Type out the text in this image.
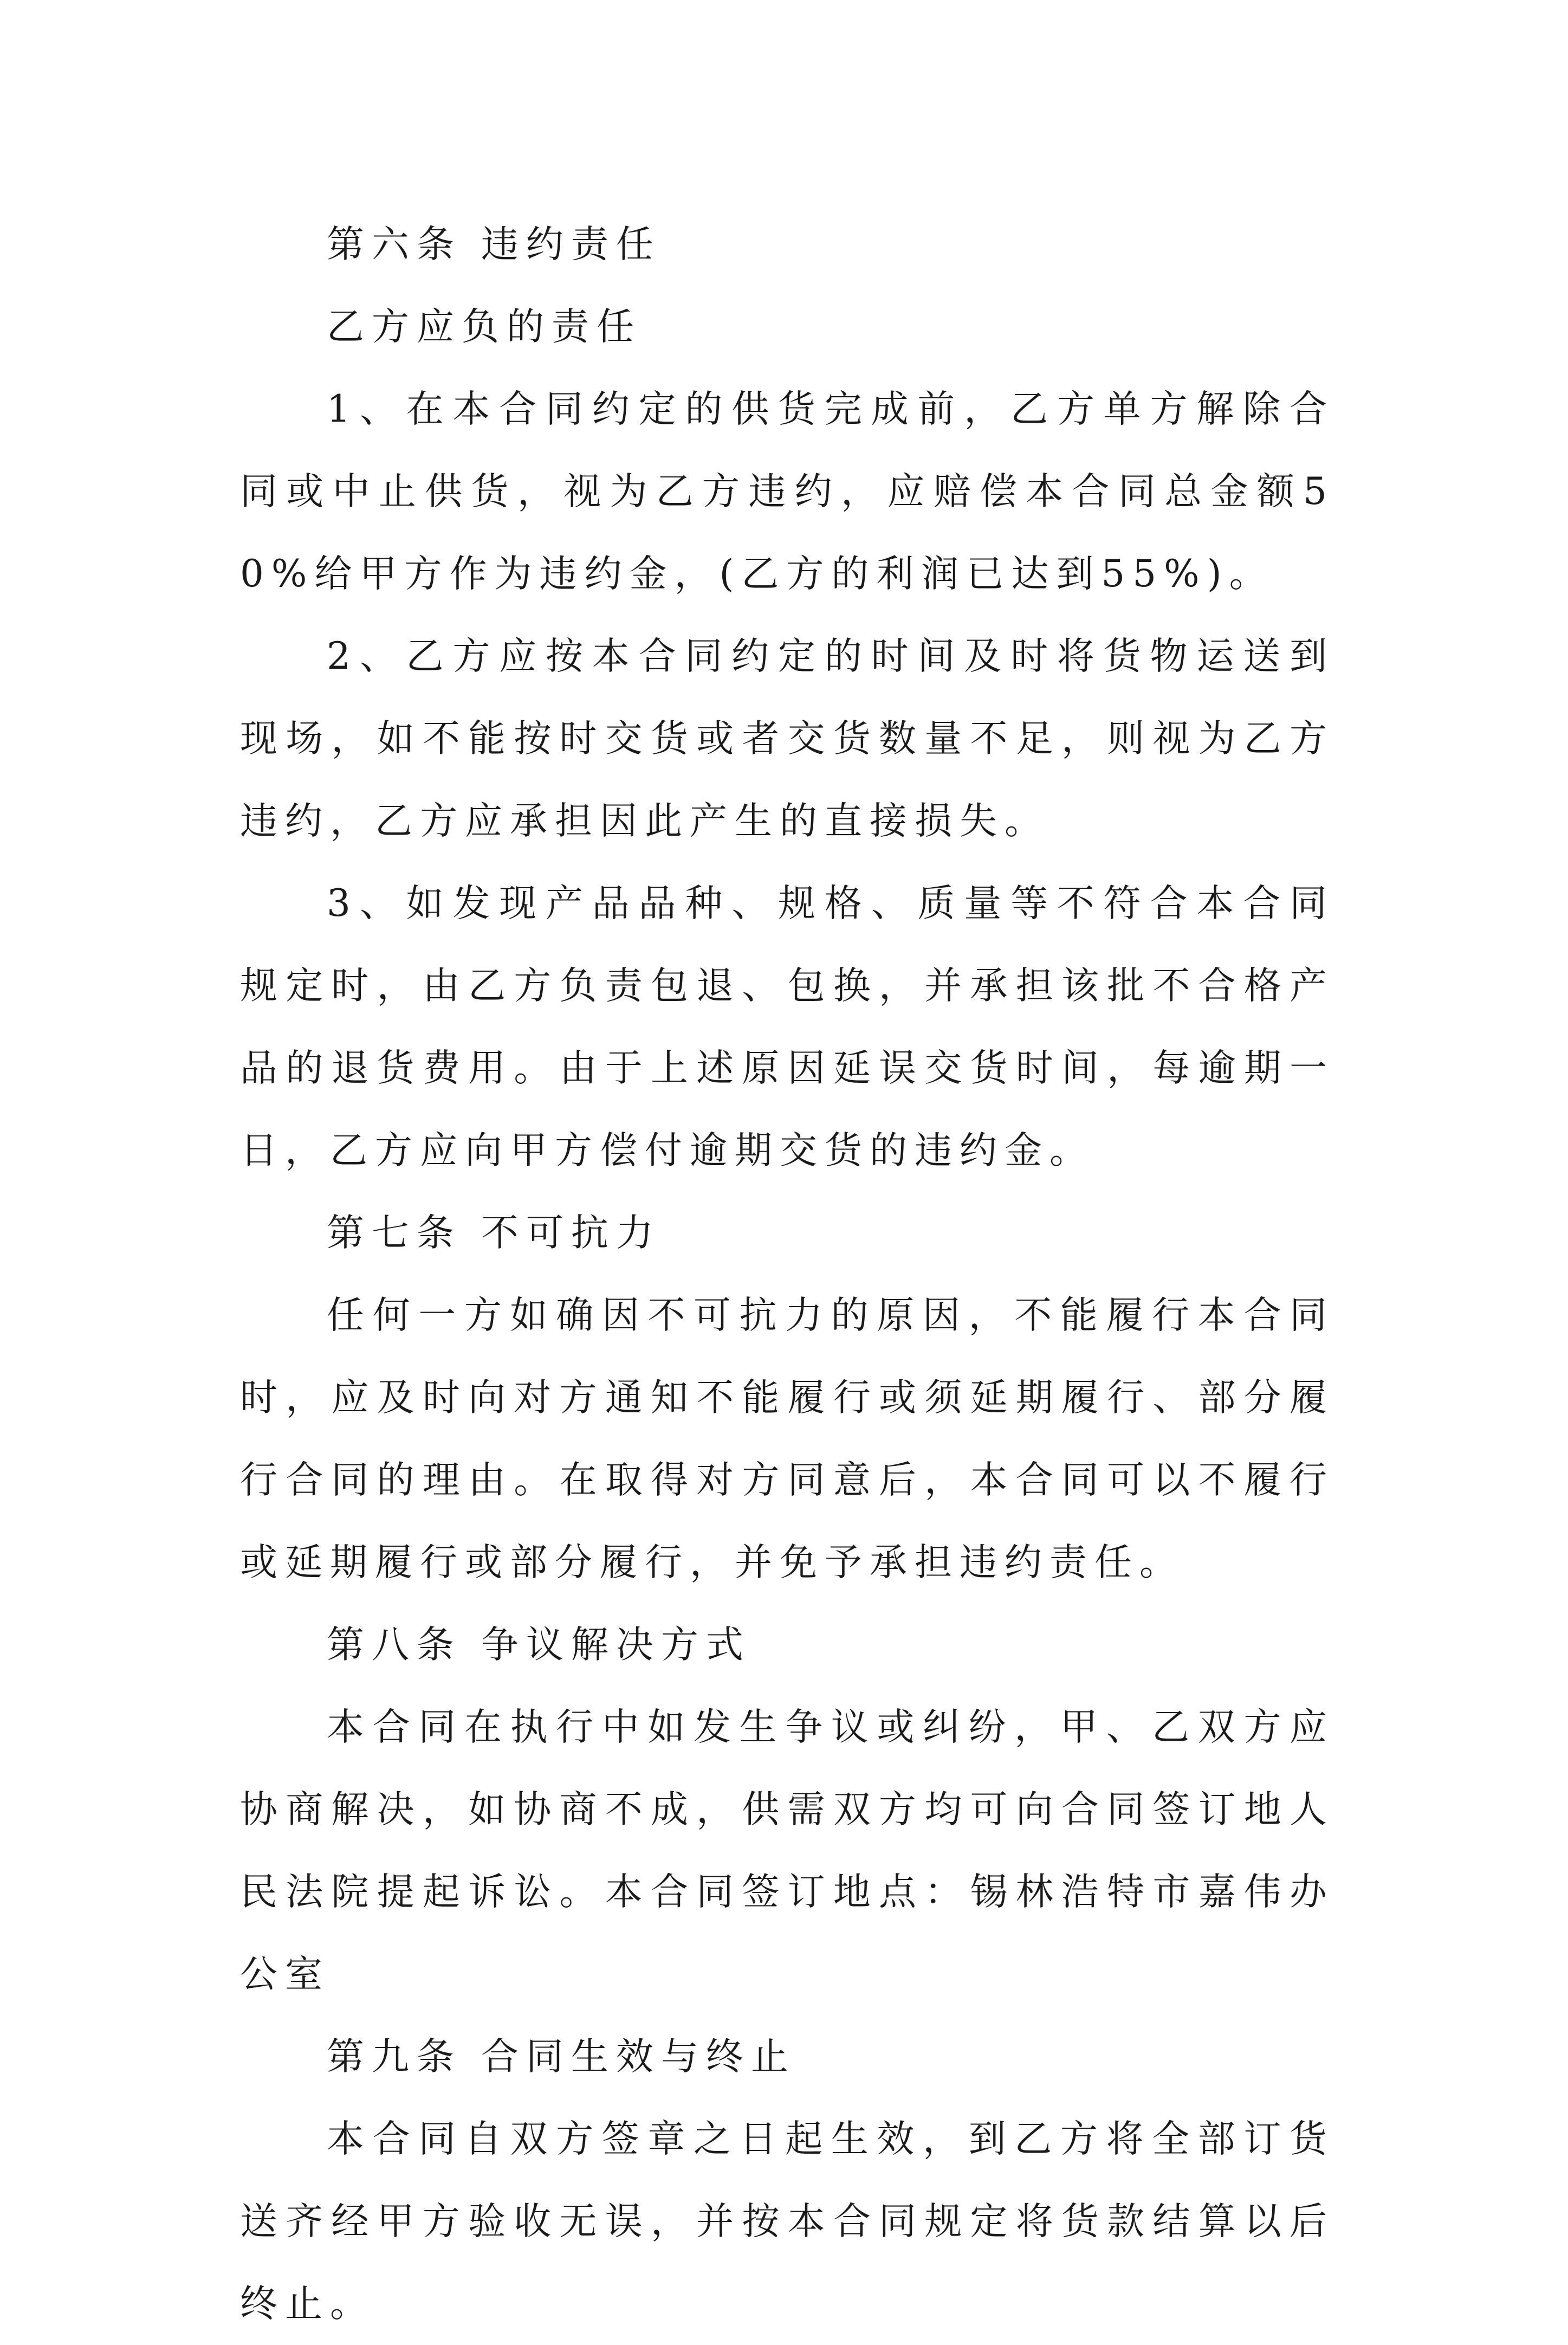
第六条 违约责任

乙方应负的责任

1、在本合同约定的供货完成前，乙方单方解除合同或中止供货，视为乙方违约，应赔偿本合同总金额50%给甲方作为违约金，(乙方的利润已达到55%)。

2、乙方应按本合同约定的时间及时将货物运送到现场，如不能按时交货或者交货数量不足，则视为乙方违约，乙方应承担因此产生的直接损失。

3、如发现产品品种、规格、质量等不符合本合同规定时，由乙方负责包退、包换，并承担该批不合格产品的退货费用。由于上述原因延误交货时间，每逾期一日，乙方应向甲方偿付逾期交货的违约金。

第七条 不可抗力

任何一方如确因不可抗力的原因，不能履行本合同时，应及时向对方通知不能履行或须延期履行、部分履行合同的理由。在取得对方同意后，本合同可以不履行或延期履行或部分履行，并免予承担违约责任。

第八条 争议解决方式

本合同在执行中如发生争议或纠纷，甲、乙双方应协商解决，如协商不成，供需双方均可向合同签订地人民法院提起诉讼。本合同签订地点：锡林浩特市嘉伟办公室

第九条 合同生效与终止

本合同自双方签章之日起生效，到乙方将全部订货送齐经甲方验收无误，并按本合同规定将货款结算以后终止。
